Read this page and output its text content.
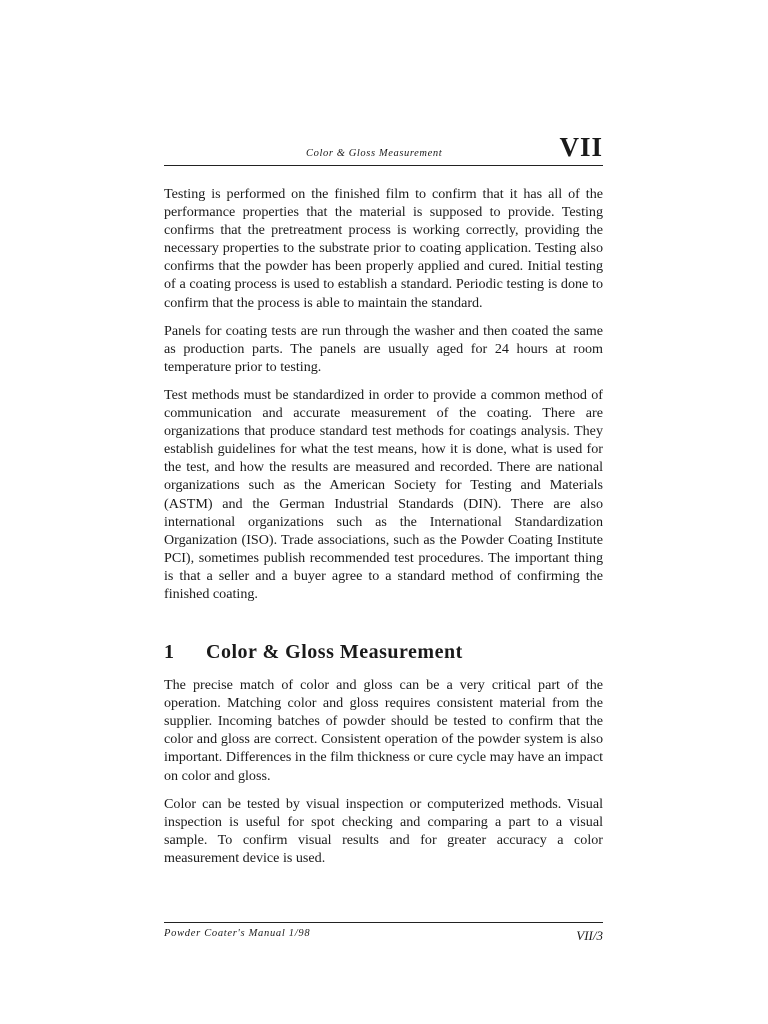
Color & Gloss Measurement	VII

Testing is performed on the finished film to confirm that it has all of the performance properties that the material is supposed to provide. Testing confirms that the pretreatment process is working correctly, providing the necessary properties to the substrate prior to coating application. Testing also confirms that the powder has been properly applied and cured. Initial testing of a coating process is used to establish a standard. Periodic testing is done to confirm that the process is able to maintain the standard.

Panels for coating tests are run through the washer and then coated the same as production parts. The panels are usually aged for 24 hours at room temperature prior to testing.

Test methods must be standardized in order to provide a common method of communication and accurate measurement of the coating. There are organizations that produce standard test methods for coatings analysis. They establish guidelines for what the test means, how it is done, what is used for the test, and how the results are measured and recorded. There are national organizations such as the American Society for Testing and Materials (ASTM) and the German Industrial Standards (DIN). There are also international organizations such as the International Standardization Organization (ISO). Trade associations, such as the Powder Coating Institute PCI), sometimes publish recommended test procedures. The important thing is that a seller and a buyer agree to a standard method of confirming the finished coating.

1	Color & Gloss Measurement

The precise match of color and gloss can be a very critical part of the operation. Matching color and gloss requires consistent material from the supplier. Incoming batches of powder should be tested to confirm that the color and gloss are correct. Consistent operation of the powder system is also important. Differences in the film thickness or cure cycle may have an impact on color and gloss.

Color can be tested by visual inspection or computerized methods. Visual inspection is useful for spot checking and comparing a part to a visual sample. To confirm visual results and for greater accuracy a color measurement device is used.

Powder Coater's Manual 1/98	VII/3
